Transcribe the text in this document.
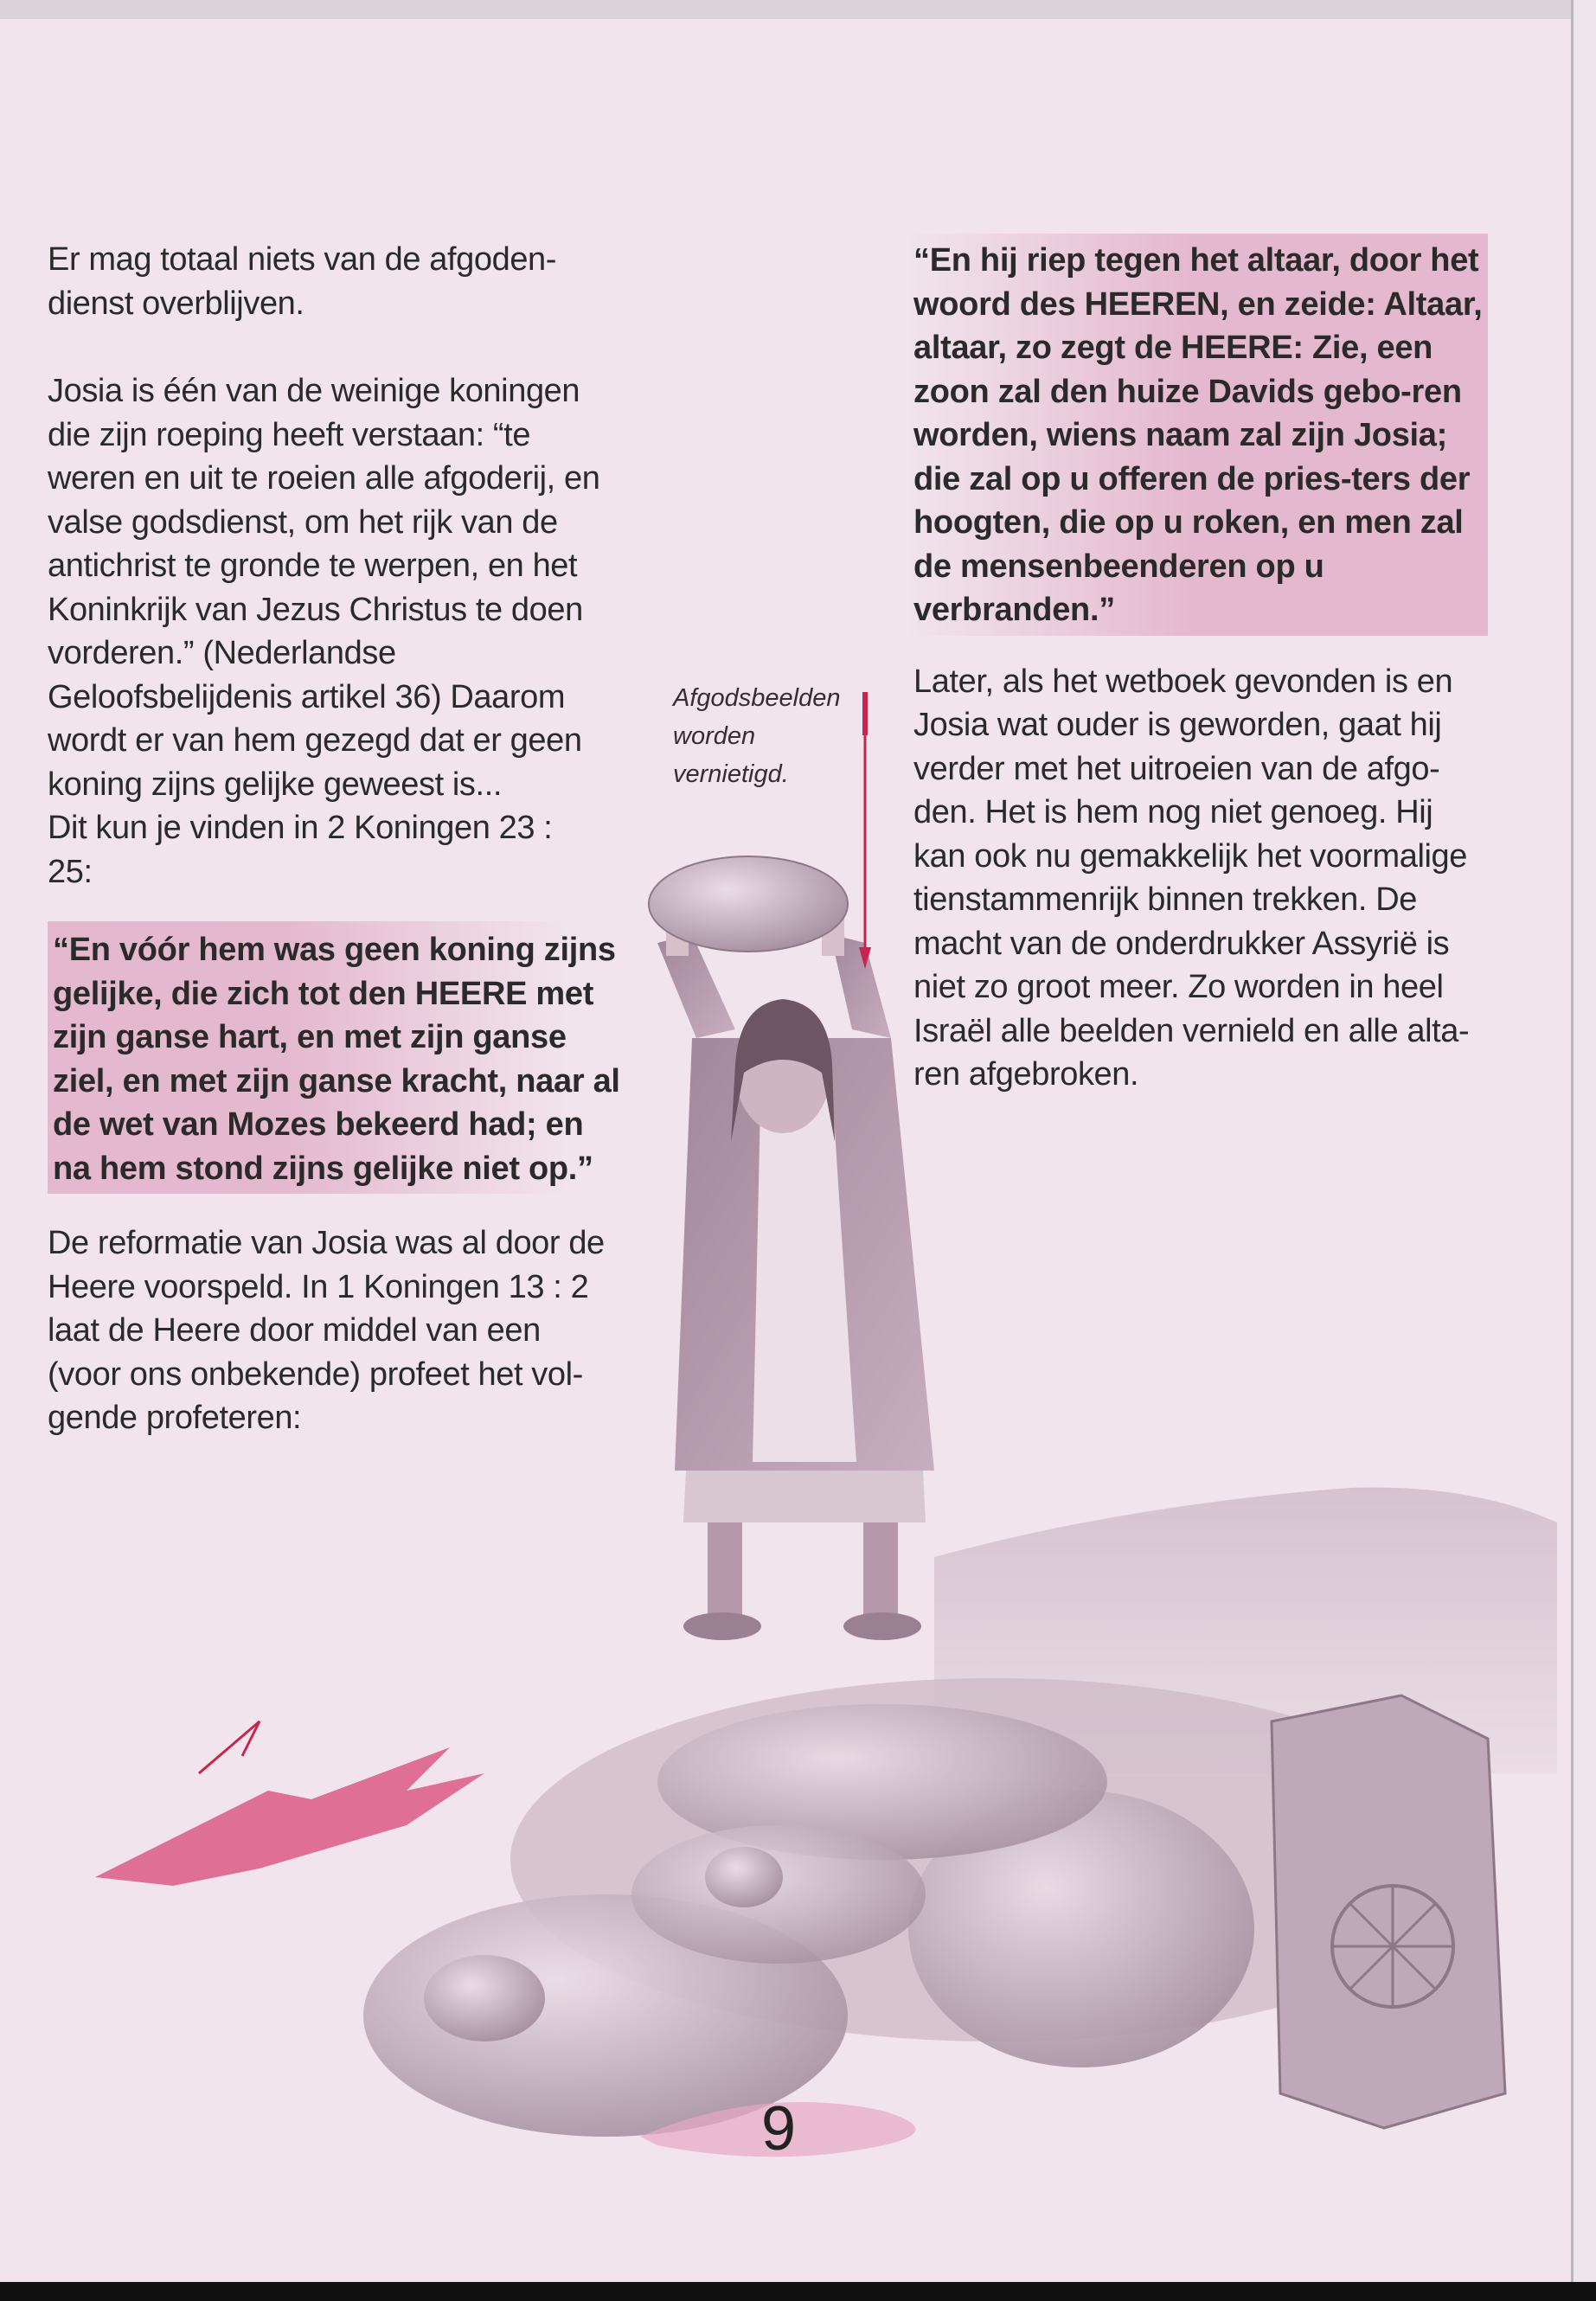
Er mag totaal niets van de afgoden-dienst overblijven.

Josia is één van de weinige koningen die zijn roeping heeft verstaan: “te weren en uit te roeien alle afgoderij, en valse godsdienst, om het rijk van de antichrist te gronde te werpen, en het Koninkrijk van Jezus Christus te doen vorderen.” (Nederlandse Geloofsbelijdenis artikel 36) Daarom wordt er van hem gezegd dat er geen koning zijns gelijke geweest is...

Dit kun je vinden in 2 Koningen 23 : 25:

“En vóór hem was geen koning zijns gelijke, die zich tot den HEERE met zijn ganse hart, en met zijn ganse ziel, en met zijn ganse kracht, naar al de wet van Mozes bekeerd had; en na hem stond zijns gelijke niet op.”

De reformatie van Josia was al door de Heere voorspeld. In 1 Koningen 13 : 2 laat de Heere door middel van een (voor ons onbekende) profeet het vol-gende profeteren:

Afgodsbeelden worden vernietigd.

“En hij riep tegen het altaar, door het woord des HEEREN, en zeide: Altaar, altaar, zo zegt de HEERE: Zie, een zoon zal den huize Davids gebo-ren worden, wiens naam zal zijn Josia; die zal op u offeren de pries-ters der hoogten, die op u roken, en men zal de mensenbeenderen op u verbranden.”

Later, als het wetboek gevonden is en Josia wat ouder is geworden, gaat hij verder met het uitroeien van de afgo-den. Het is hem nog niet genoeg. Hij kan ook nu gemakkelijk het voormalige tienstammenrijk binnen trekken. De macht van de onderdrukker Assyrië is niet zo groot meer. Zo worden in heel Israël alle beelden vernield en alle alta-ren afgebroken.

9
